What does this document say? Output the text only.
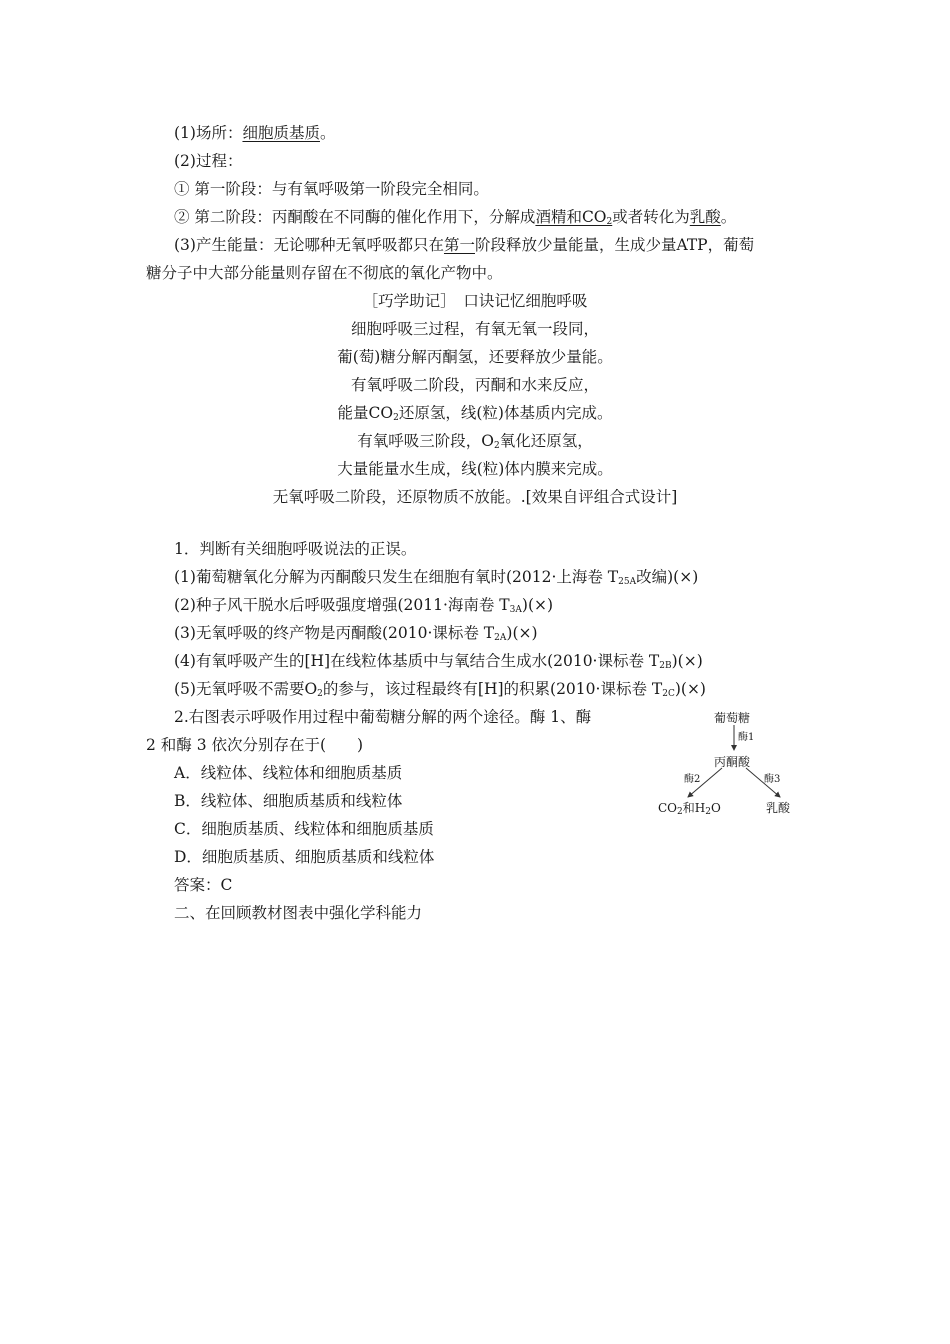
(1)场所：细胞质基质。
(2)过程：
① 第一阶段：与有氧呼吸第一阶段完全相同。
② 第二阶段：丙酮酸在不同酶的催化作用下，分解成酒精和$CO_2$或者转化为乳酸。
(3)产生能量：无论哪种无氧呼吸都只在第一阶段释放少量能量，生成少量ATP，葡萄
糖分子中大部分能量则存留在不彻底的氧化产物中。
［巧学助记］　口诀记忆细胞呼吸
细胞呼吸三过程，有氧无氧一段同，
葡(萄)糖分解丙酮氢，还要释放少量能。
有氧呼吸二阶段，丙酮和水来反应，
能量$CO_2$还原氢，线(粒)体基质内完成。
有氧呼吸三阶段，$O_2$氧化还原氢，
大量能量水生成，线(粒)体内膜来完成。
无氧呼吸二阶段，还原物质不放能。.[效果自评组合式设计]
1．判断有关细胞呼吸说法的正误。
(1)葡萄糖氧化分解为丙酮酸只发生在细胞有氧时(2012·上海卷 $T_{25A}$改编)(×)
(2)种子风干脱水后呼吸强度增强(2011·海南卷 $T_{3A})(\times)$
(3)无氧呼吸的终产物是丙酮酸(2010·课标卷 $T_{2A})(\times)$
(4)有氧呼吸产生的[H]在线粒体基质中与氧结合生成水(2010·课标卷 $T_{2B})(\times)$
(5)无氧呼吸不需要$O_2$的参与，该过程最终有[H]的积累(2010·课标卷 $T_{2C})(\times)$
2.右图表示呼吸作用过程中葡萄糖分解的两个途径。酶 1、酶
2 和酶 3 依次分别存在于(　　)
A．线粒体、线粒体和细胞质基质
B．线粒体、细胞质基质和线粒体
C．细胞质基质、线粒体和细胞质基质
D．细胞质基质、细胞质基质和线粒体
答案：C
二、在回顾教材图表中强化学科能力
葡萄糖
酶1
丙酮酸
酶2	酶3
$CO_2$和$H_2O$	乳酸
